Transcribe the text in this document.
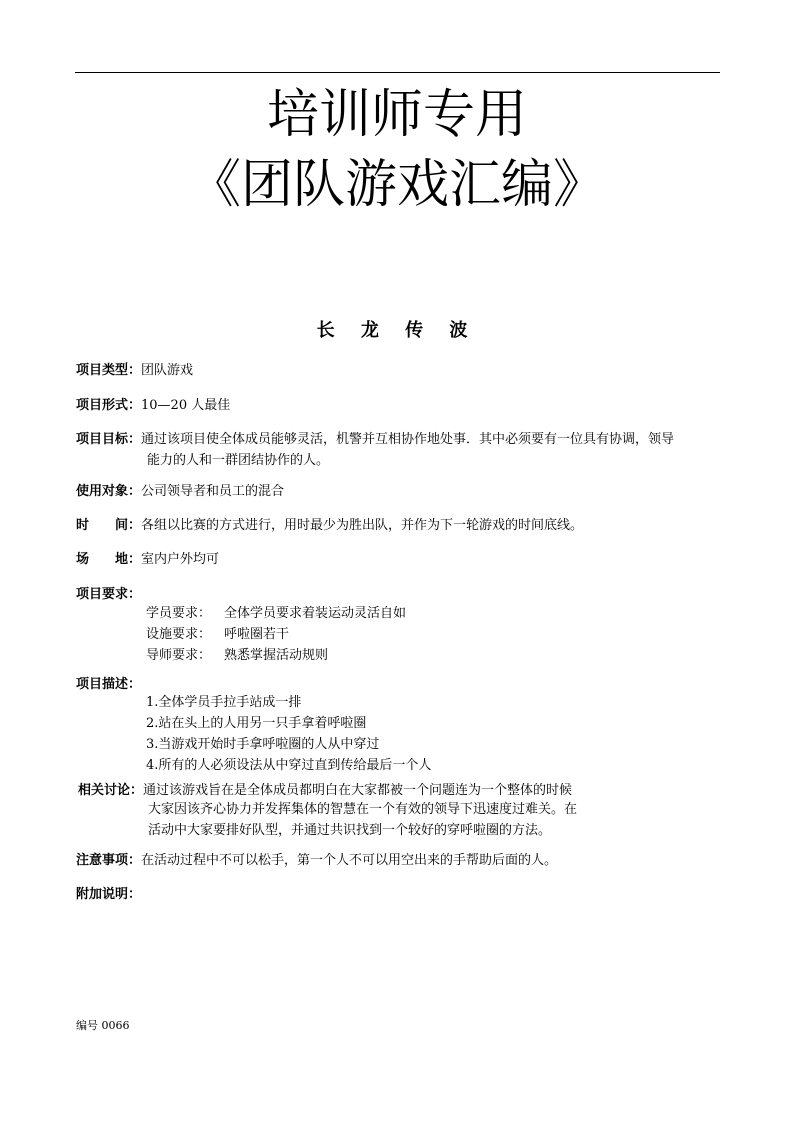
培训师专用
《团队游戏汇编》
长 龙 传 波
项目类型：团队游戏
项目形式：10—20 人最佳
项目目标：通过该项目使全体成员能够灵活，机警并互相协作地处事．其中必须要有一位具有协调，领导
能力的人和一群团结协作的人。
使用对象：公司领导者和员工的混合
时　　间：各组以比赛的方式进行，用时最少为胜出队，并作为下一轮游戏的时间底线。
场　　地：室内户外均可
项目要求：
学员要求： 全体学员要求着装运动灵活自如
设施要求： 呼啦圈若干
导师要求： 熟悉掌握活动规则
项目描述：
1.全体学员手拉手站成一排
2.站在头上的人用另一只手拿着呼啦圈
3.当游戏开始时手拿呼啦圈的人从中穿过
4.所有的人必须设法从中穿过直到传给最后一个人
相关讨论：通过该游戏旨在是全体成员都明白在大家都被一个问题连为一个整体的时候
大家因该齐心协力并发挥集体的智慧在一个有效的领导下迅速度过难关。在
活动中大家要排好队型，并通过共识找到一个较好的穿呼啦圈的方法。
注意事项：在活动过程中不可以松手，第一个人不可以用空出来的手帮助后面的人。
附加说明：
编号 0066
